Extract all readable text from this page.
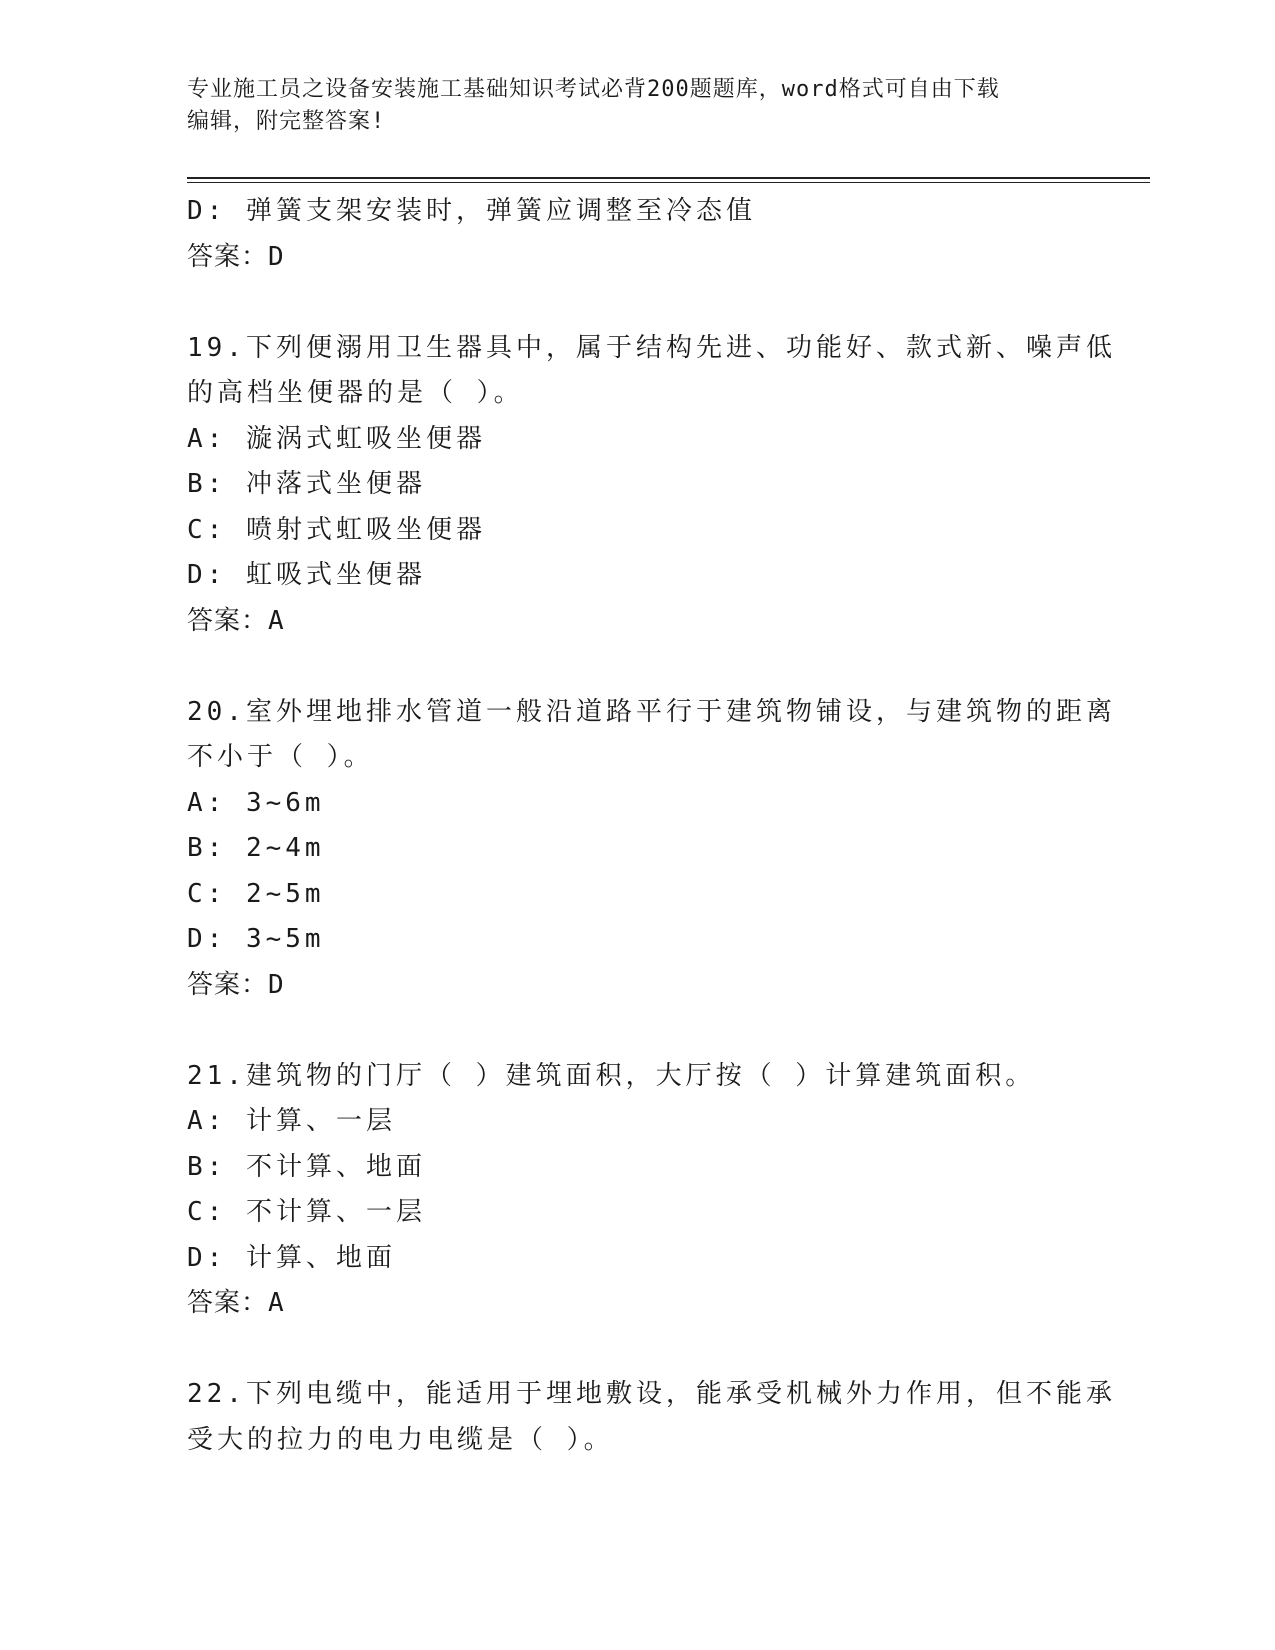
专业施工员之设备安装施工基础知识考试必背200题题库，word格式可自由下载
编辑，附完整答案!
D: 弹簧支架安装时，弹簧应调整至冷态值
答案：D
19.下列便溺用卫生器具中，属于结构先进、功能好、款式新、噪声低
的高档坐便器的是（ ）。
A: 漩涡式虹吸坐便器
B: 冲落式坐便器
C: 喷射式虹吸坐便器
D: 虹吸式坐便器
答案：A
20.室外埋地排水管道一般沿道路平行于建筑物铺设，与建筑物的距离
不小于（ ）。
A: 3~6m
B: 2~4m
C: 2~5m
D: 3~5m
答案：D
21.建筑物的门厅（ ）建筑面积，大厅按（ ）计算建筑面积。
A: 计算、一层
B: 不计算、地面
C: 不计算、一层
D: 计算、地面
答案：A
22.下列电缆中，能适用于埋地敷设，能承受机械外力作用，但不能承
受大的拉力的电力电缆是（ ）。
